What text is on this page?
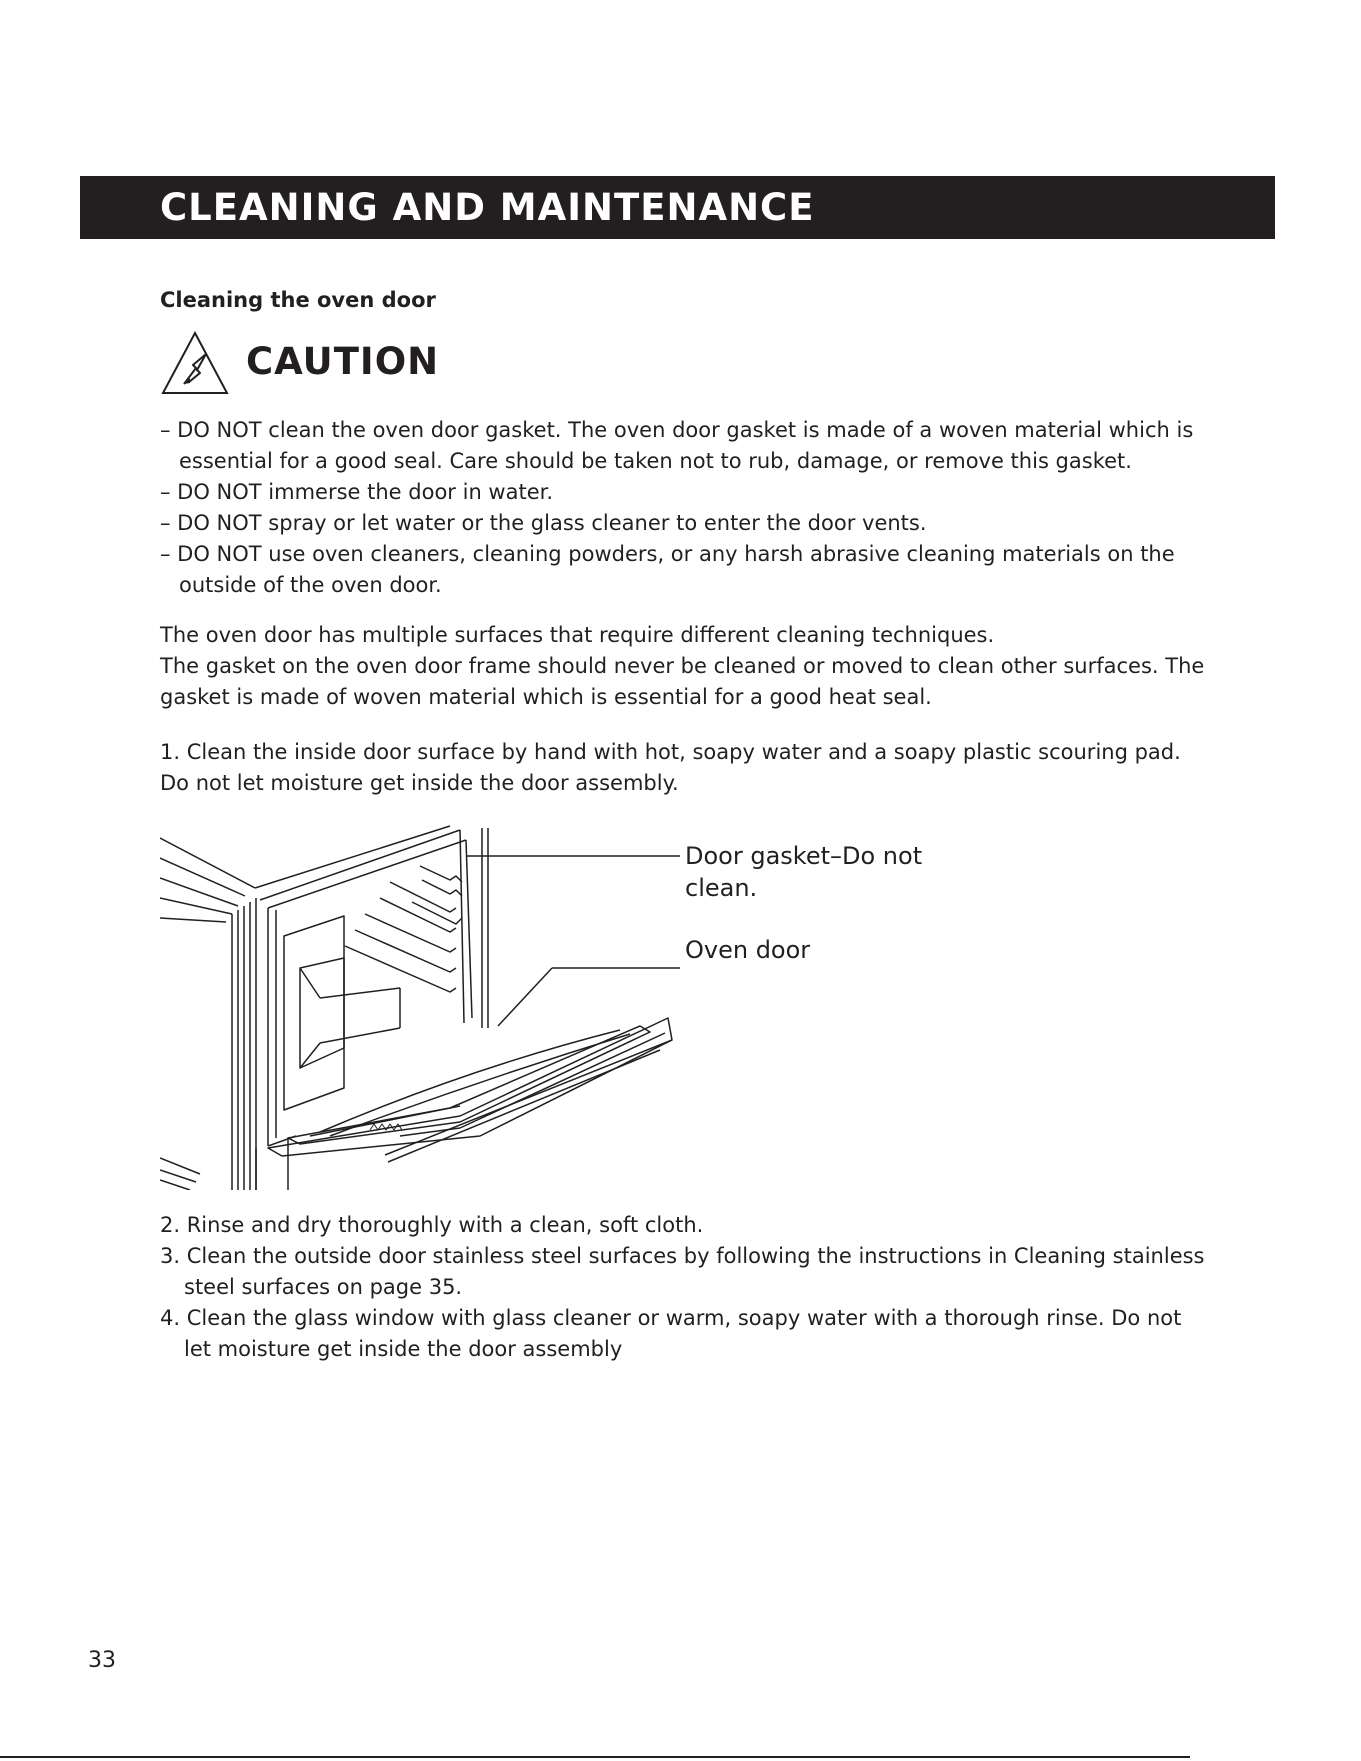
CLEANING AND MAINTENANCE
Cleaning the oven door
CAUTION
– DO NOT clean the oven door gasket. The oven door gasket is made of a woven material which is essential for a good seal. Care should be taken not to rub, damage, or remove this gasket.
– DO NOT immerse the door in water.
– DO NOT spray or let water or the glass cleaner to enter the door vents.
– DO NOT use oven cleaners, cleaning powders, or any harsh abrasive cleaning materials on the outside of the oven door.
The oven door has multiple surfaces that require different cleaning techniques.
The gasket on the oven door frame should never be cleaned or moved to clean other surfaces. The gasket is made of woven material which is essential for a good heat seal.

1. Clean the inside door surface by hand with hot, soapy water and a soapy plastic scouring pad. Do not let moisture get inside the door assembly.

Door gasket–Do not clean.
Oven door
2. Rinse and dry thoroughly with a clean, soft cloth.
3. Clean the outside door stainless steel surfaces by following the instructions in Cleaning stainless steel surfaces on page 35.
4. Clean the glass window with glass cleaner or warm, soapy water with a thorough rinse. Do not let moisture get inside the door assembly
33
